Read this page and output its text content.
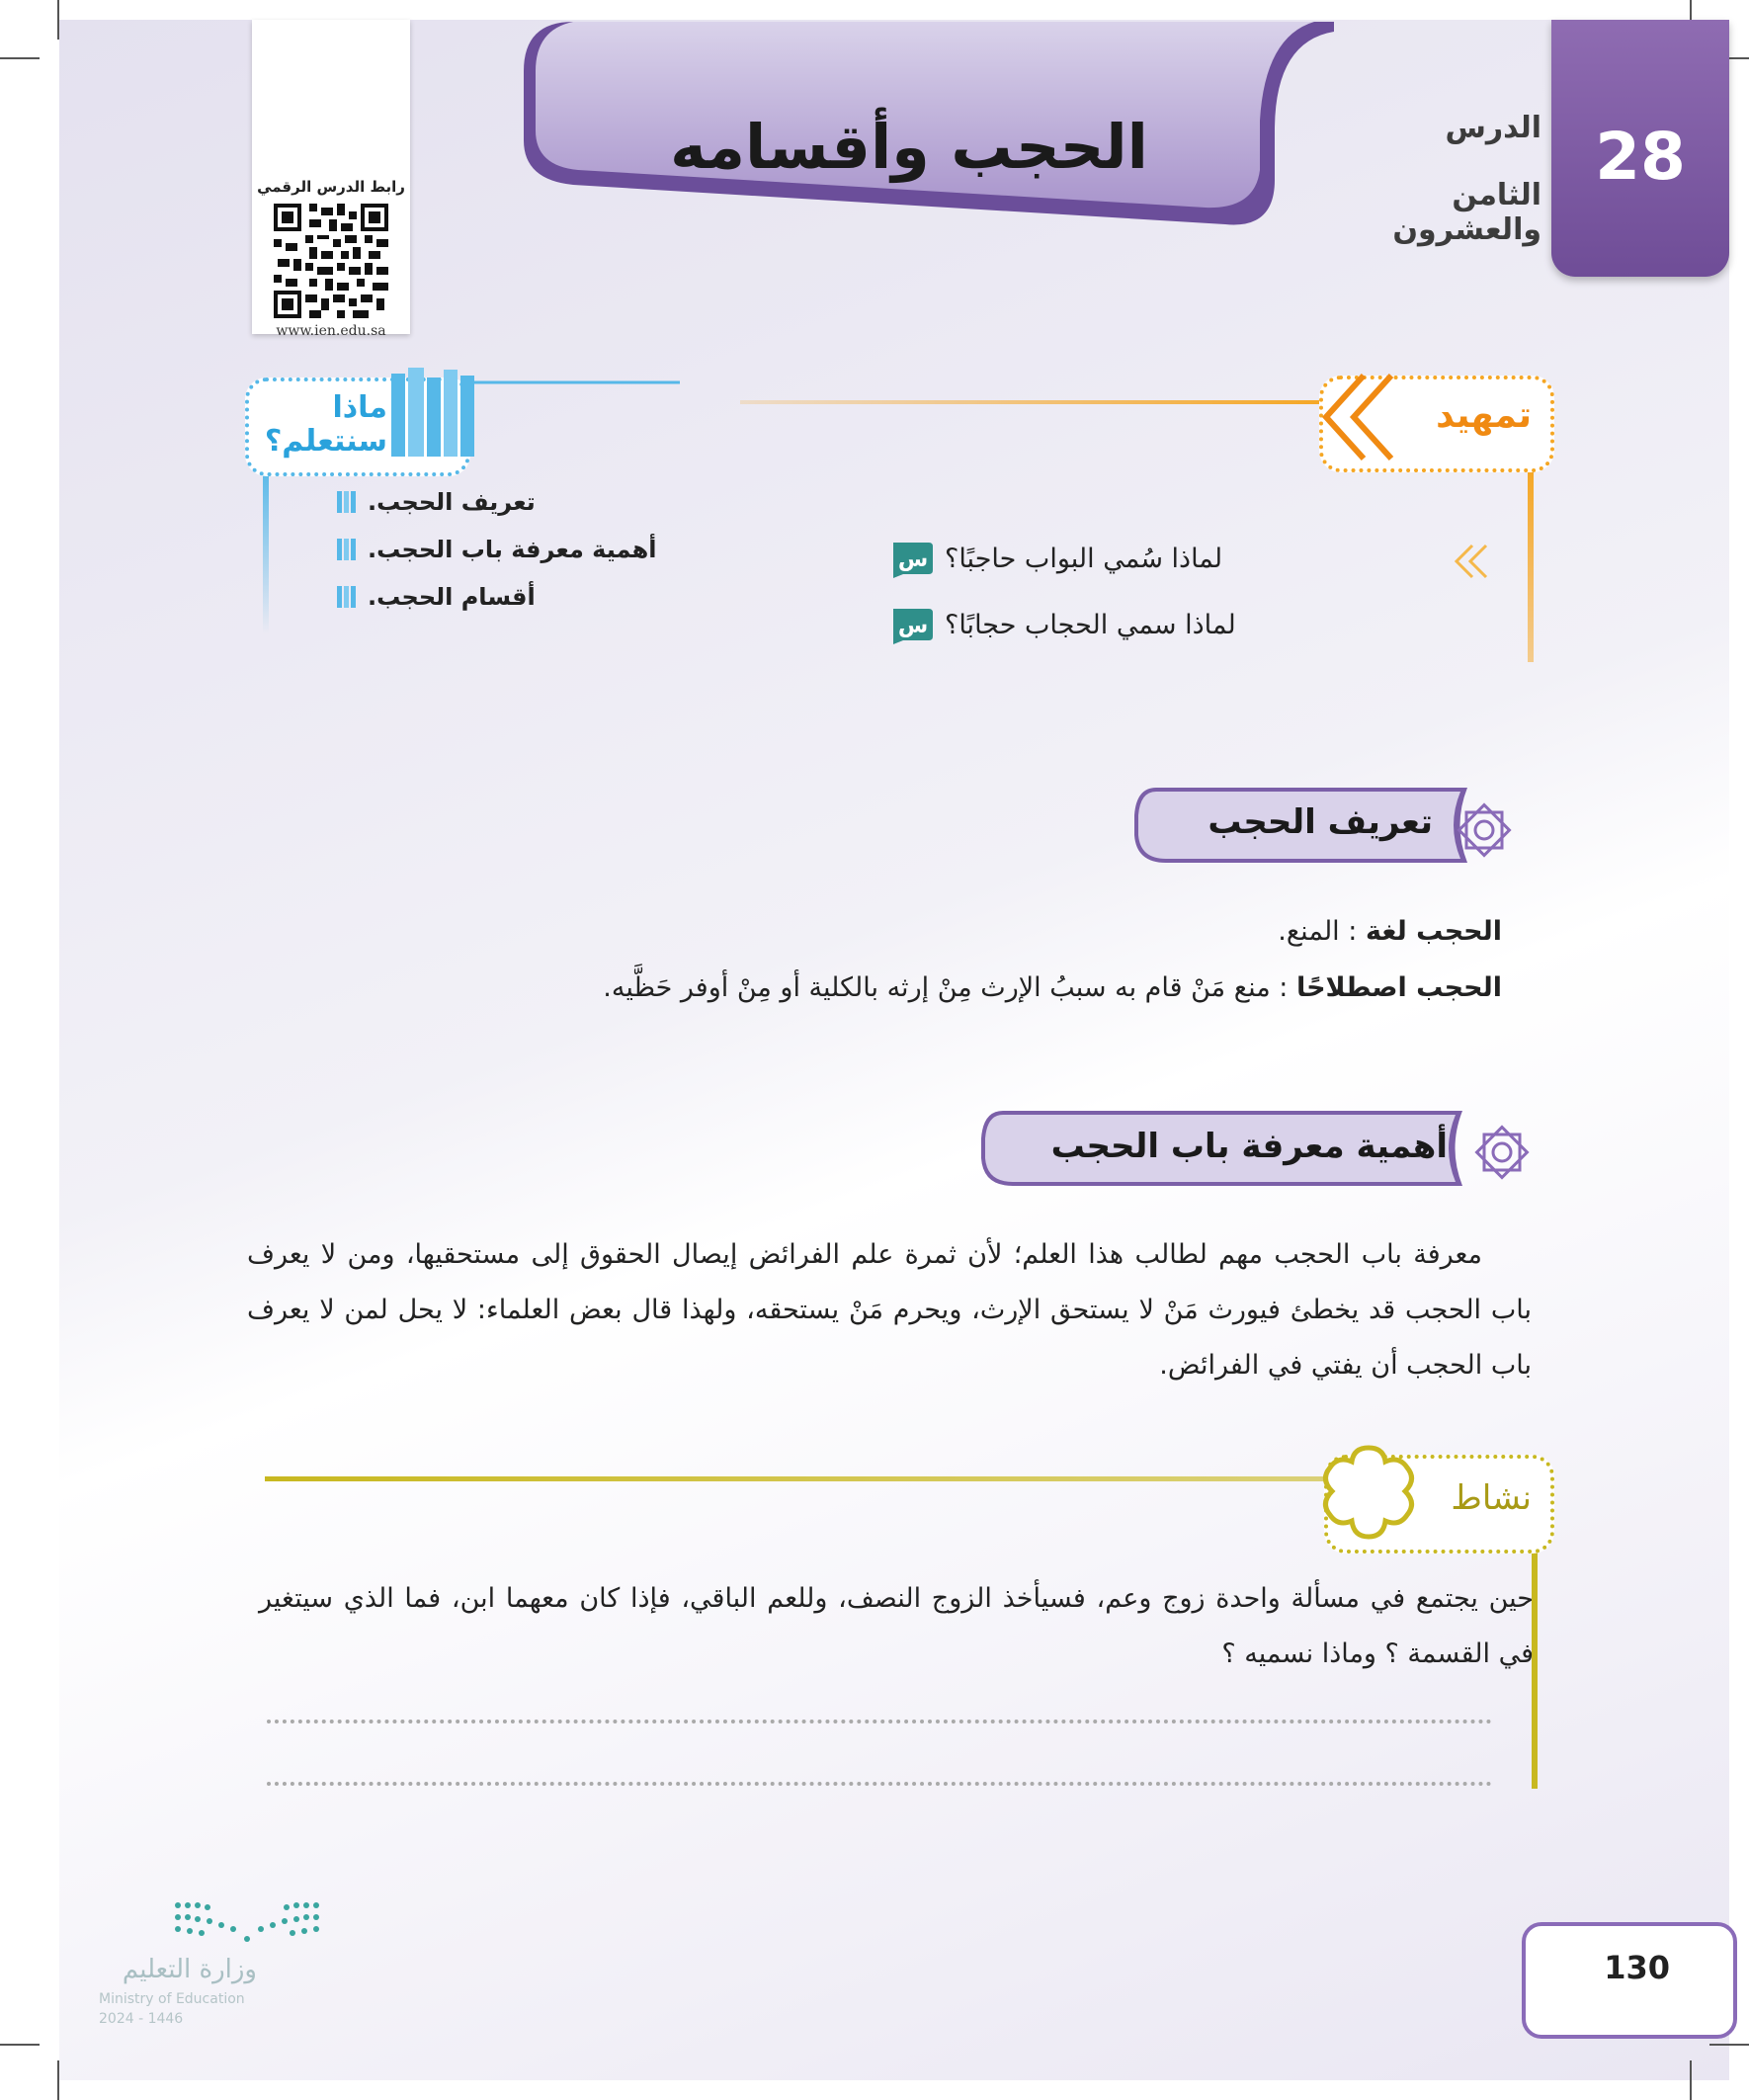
الحجب وأقسامه	الدرس
الثامن والعشرون
28
رابط الدرس الرقمي
www.ien.edu.sa
ماذا سنتعلم؟
تعريف الحجب.
أهمية معرفة باب الحجب.
أقسام الحجب.
تمهيد
س لماذا سُمي البواب حاجبًا؟
س لماذا سمي الحجاب حجابًا؟
تعريف الحجب
الحجب لغة : المنع.
الحجب اصطلاحًا : منع مَنْ قام به سببُ الإرث مِنْ إرثه بالكلية أو مِنْ أوفر حَظَّيه.
أهمية معرفة باب الحجب
معرفة باب الحجب مهم لطالب هذا العلم؛ لأن ثمرة علم الفرائض إيصال الحقوق إلى مستحقيها، ومن لا يعرف باب الحجب قد يخطئ فيورث مَنْ لا يستحق الإرث، ويحرم مَنْ يستحقه، ولهذا قال بعض العلماء: لا يحل لمن لا يعرف باب الحجب أن يفتي في الفرائض.
نشاط
حين يجتمع في مسألة واحدة زوج وعم، فسيأخذ الزوج النصف، وللعم الباقي، فإذا كان معهما ابن، فما الذي سيتغير في القسمة ؟ وماذا نسميه ؟
وزارة التعليم
Ministry of Education
2024 - 1446
130
